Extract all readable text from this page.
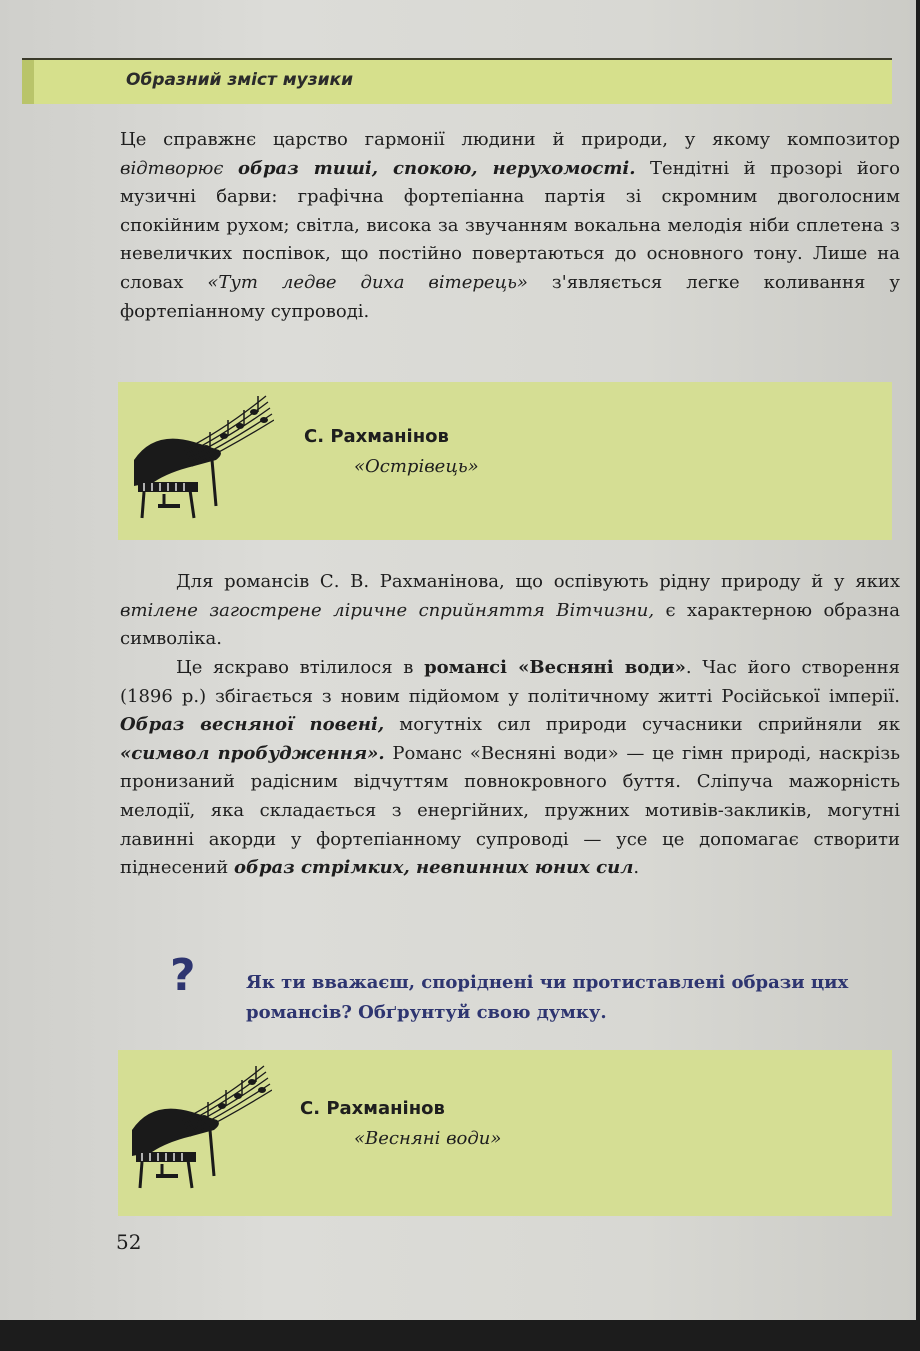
Образний зміст музики

Це справжнє царство гармонії людини й природи, у якому композитор відтворює образ тиші, спокою, нерухомості. Тендітні й прозорі його музичні барви: графічна фортепіанна партія зі скромним двоголосним спокійним рухом; світла, висока за звучанням вокальна мелодія ніби сплетена з невеличких поспівок, що постійно повертаються до основного тону. Лише на словах «Тут ледве диха вітерець» з'являється легке коливання у фортепіанному супроводі.

С. Рахманінов
«Острівець»

Для романсів С. В. Рахманінова, що оспівують рідну природу й у яких втілене загострене ліричне сприйняття Вітчизни, є характерною образна символіка.

Це яскраво втілилося в романсі «Весняні води». Час його створення (1896 р.) збігається з новим підйомом у політичному житті Російської імперії. Образ весняної повені, могутніх сил природи сучасники сприйняли як «символ пробудження». Романс «Весняні води» — це гімн природі, наскрізь пронизаний радісним відчуттям повнокровного буття. Сліпуча мажорність мелодії, яка складається з енергійних, пружних мотивів-закликів, могутні лавинні акорди у фортепіанному супроводі — усе це допомагає створити піднесений образ стрімких, невпинних юних сил.

?	Як ти вважаєш, споріднені чи протиставлені образи цих романсів? Обґрунтуй свою думку.
С. Рахманінов
«Весняні води»
52
